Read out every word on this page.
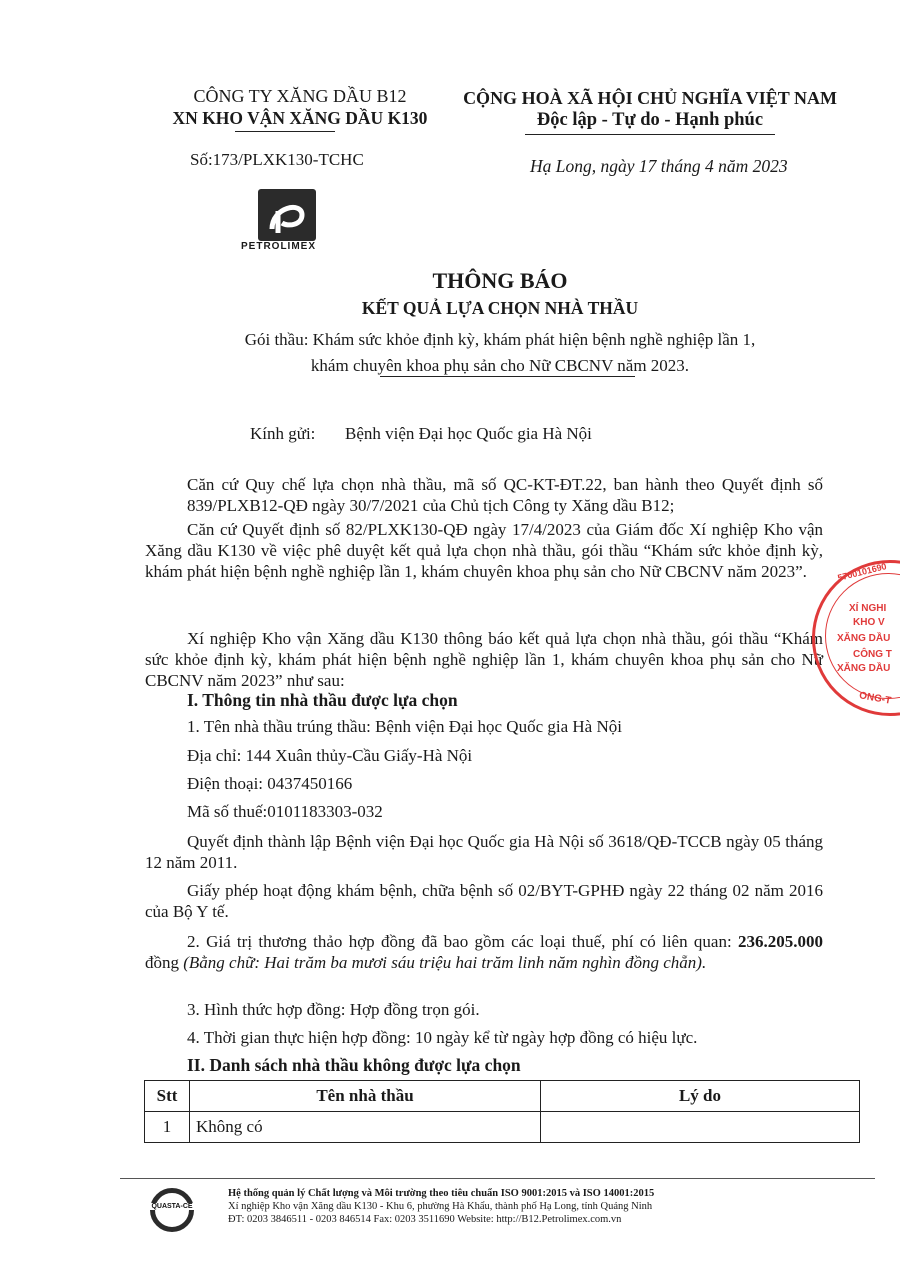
CÔNG TY XĂNG DẦU B12
XN KHO VẬN XĂNG DẦU K130
Số:173/PLXK130-TCHC
PETROLIMEX
CỘNG HOÀ XÃ HỘI CHỦ NGHĨA VIỆT NAM
Độc lập - Tự do - Hạnh phúc
Hạ Long, ngày 17 tháng 4 năm 2023
THÔNG BÁO
KẾT QUẢ LỰA CHỌN NHÀ THẦU
Gói thầu: Khám sức khỏe định kỳ, khám phát hiện bệnh nghề nghiệp lần 1,
khám chuyên khoa phụ sản cho Nữ CBCNV năm 2023.
Kính gửi: Bệnh viện Đại học Quốc gia Hà Nội
Căn cứ Quy chế lựa chọn nhà thầu, mã số QC-KT-ĐT.22, ban hành theo Quyết định số 839/PLXB12-QĐ ngày 30/7/2021 của Chủ tịch Công ty Xăng dầu B12;
Căn cứ Quyết định số 82/PLXK130-QĐ ngày 17/4/2023 của Giám đốc Xí nghiệp Kho vận Xăng dầu K130 về việc phê duyệt kết quả lựa chọn nhà thầu, gói thầu “Khám sức khỏe định kỳ, khám phát hiện bệnh nghề nghiệp lần 1, khám chuyên khoa phụ sản cho Nữ CBCNV năm 2023”.
Xí nghiệp Kho vận Xăng dầu K130 thông báo kết quả lựa chọn nhà thầu, gói thầu “Khám sức khỏe định kỳ, khám phát hiện bệnh nghề nghiệp lần 1, khám chuyên khoa phụ sản cho Nữ CBCNV năm 2023” như sau:
I. Thông tin nhà thầu được lựa chọn
1. Tên nhà thầu trúng thầu: Bệnh viện Đại học Quốc gia Hà Nội
Địa chỉ: 144 Xuân thủy-Cầu Giấy-Hà Nội
Điện thoại: 0437450166
Mã số thuế:0101183303-032
Quyết định thành lập Bệnh viện Đại học Quốc gia Hà Nội số 3618/QĐ-TCCB ngày 05 tháng 12 năm 2011.
Giấy phép hoạt động khám bệnh, chữa bệnh số 02/BYT-GPHĐ ngày 22 tháng 02 năm 2016 của Bộ Y tế.
2. Giá trị thương thảo hợp đồng đã bao gồm các loại thuế, phí có liên quan: 236.205.000 đồng (Bằng chữ: Hai trăm ba mươi sáu triệu hai trăm linh năm nghìn đồng chẵn).
3. Hình thức hợp đồng: Hợp đồng trọn gói.
4. Thời gian thực hiện hợp đồng: 10 ngày kể từ ngày hợp đồng có hiệu lực.
II. Danh sách nhà thầu không được lựa chọn
Stt	Tên nhà thầu	Lý do
1	Không có	
5700101690
XÍ NGHI
KHO V
XĂNG DẦU
CÔNG T
XĂNG DẦU
ONG-T
QUASTA-CE
Hệ thống quản lý Chất lượng và Môi trường theo tiêu chuẩn ISO 9001:2015 và ISO 14001:2015
Xí nghiệp Kho vận Xăng dầu K130 - Khu 6, phường Hà Khẩu, thành phố Hạ Long, tỉnh Quảng Ninh
ĐT: 0203 3846511 - 0203 846514 Fax: 0203 3511690 Website: http://B12.Petrolimex.com.vn
